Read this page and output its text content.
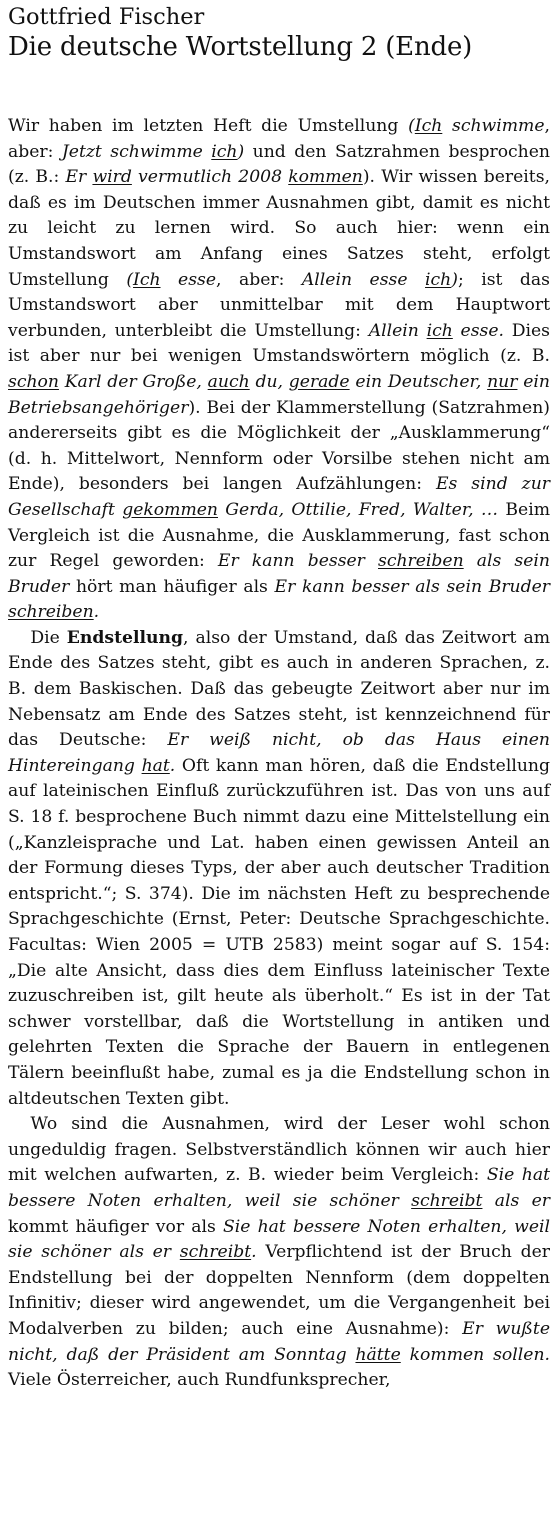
Gottfried Fischer
Die deutsche Wortstellung 2 (Ende)

Wir haben im letzten Heft die Umstellung (Ich schwimme, aber: Jetzt schwimme ich) und den Satzrahmen besprochen (z. B.: Er wird vermutlich 2008 kommen). Wir wissen bereits, daß es im Deutschen immer Ausnahmen gibt, damit es nicht zu leicht zu lernen wird. So auch hier: wenn ein Umstandswort am Anfang eines Satzes steht, erfolgt Umstellung (Ich esse, aber: Allein esse ich); ist das Umstandswort aber unmittelbar mit dem Hauptwort verbunden, unterbleibt die Umstellung: Allein ich esse. Dies ist aber nur bei wenigen Umstandswörtern möglich (z. B. schon Karl der Große, auch du, gerade ein Deutscher, nur ein Betriebsangehöriger). Bei der Klammerstellung (Satzrahmen) andererseits gibt es die Möglichkeit der „Ausklammerung“ (d. h. Mittelwort, Nennform oder Vorsilbe stehen nicht am Ende), besonders bei langen Aufzählungen: Es sind zur Gesellschaft gekommen Gerda, Ottilie, Fred, Walter, … Beim Vergleich ist die Ausnahme, die Ausklammerung, fast schon zur Regel geworden: Er kann besser schreiben als sein Bruder hört man häufiger als Er kann besser als sein Bruder schreiben.

Die Endstellung, also der Umstand, daß das Zeitwort am Ende des Satzes steht, gibt es auch in anderen Sprachen, z. B. dem Baskischen. Daß das gebeugte Zeitwort aber nur im Nebensatz am Ende des Satzes steht, ist kennzeichnend für das Deutsche: Er weiß nicht, ob das Haus einen Hintereingang hat. Oft kann man hören, daß die Endstellung auf lateinischen Einfluß zurückzuführen ist. Das von uns auf S. 18 f. besprochene Buch nimmt dazu eine Mittelstellung ein („Kanzleisprache und Lat. haben einen gewissen Anteil an der Formung dieses Typs, der aber auch deutscher Tradition entspricht.“; S. 374). Die im nächsten Heft zu besprechende Sprachgeschichte (Ernst, Peter: Deutsche Sprachgeschichte. Facultas: Wien 2005 = UTB 2583) meint sogar auf S. 154: „Die alte Ansicht, dass dies dem Einfluss lateinischer Texte zuzuschreiben ist, gilt heute als überholt.“ Es ist in der Tat schwer vorstellbar, daß die Wortstellung in antiken und gelehrten Texten die Sprache der Bauern in entlegenen Tälern beeinflußt habe, zumal es ja die Endstellung schon in altdeutschen Texten gibt.

Wo sind die Ausnahmen, wird der Leser wohl schon ungeduldig fragen. Selbstverständlich können wir auch hier mit welchen aufwarten, z. B. wieder beim Vergleich: Sie hat bessere Noten erhalten, weil sie schöner schreibt als er kommt häufiger vor als Sie hat bessere Noten erhalten, weil sie schöner als er schreibt. Verpflichtend ist der Bruch der Endstellung bei der doppelten Nennform (dem doppelten Infinitiv; dieser wird angewendet, um die Vergangenheit bei Modalverben zu bilden; auch eine Ausnahme): Er wußte nicht, daß der Präsident am Sonntag hätte kommen sollen. Viele Österreicher, auch Rundfunksprecher,
